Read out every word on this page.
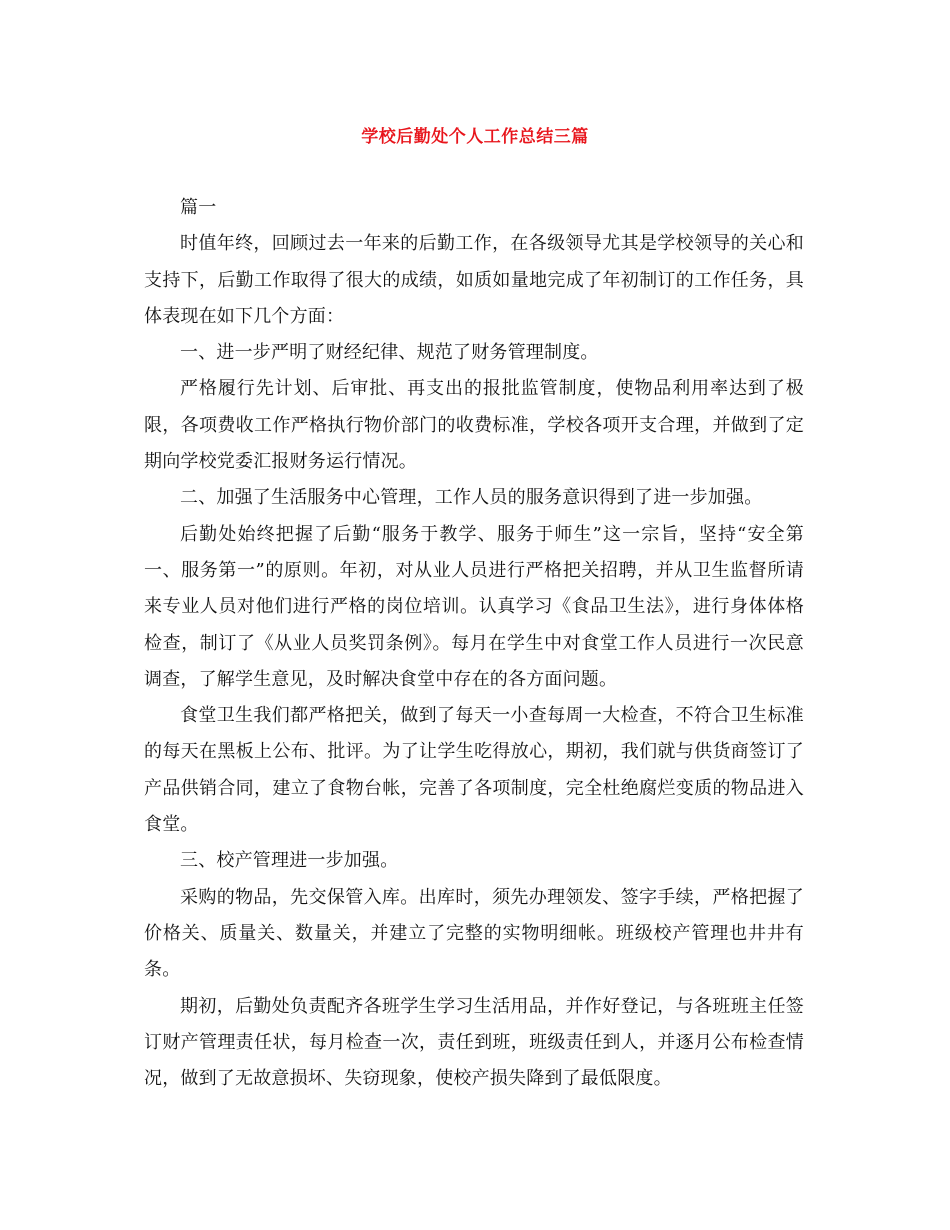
学校后勤处个人工作总结三篇

篇一

时值年终，回顾过去一年来的后勤工作，在各级领导尤其是学校领导的关心和支持下，后勤工作取得了很大的成绩，如质如量地完成了年初制订的工作任务，具体表现在如下几个方面：

一、进一步严明了财经纪律、规范了财务管理制度。

严格履行先计划、后审批、再支出的报批监管制度，使物品利用率达到了极限，各项费收工作严格执行物价部门的收费标准，学校各项开支合理，并做到了定期向学校党委汇报财务运行情况。

二、加强了生活服务中心管理，工作人员的服务意识得到了进一步加强。

后勤处始终把握了后勤“服务于教学、服务于师生”这一宗旨，坚持“安全第一、服务第一”的原则。年初，对从业人员进行严格把关招聘，并从卫生监督所请来专业人员对他们进行严格的岗位培训。认真学习《食品卫生法》，进行身体体格检查，制订了《从业人员奖罚条例》。每月在学生中对食堂工作人员进行一次民意调查，了解学生意见，及时解决食堂中存在的各方面问题。

食堂卫生我们都严格把关，做到了每天一小查每周一大检查，不符合卫生标准的每天在黑板上公布、批评。为了让学生吃得放心，期初，我们就与供货商签订了产品供销合同，建立了食物台帐，完善了各项制度，完全杜绝腐烂变质的物品进入食堂。

三、校产管理进一步加强。

采购的物品，先交保管入库。出库时，须先办理领发、签字手续，严格把握了价格关、质量关、数量关，并建立了完整的实物明细帐。班级校产管理也井井有条。

期初，后勤处负责配齐各班学生学习生活用品，并作好登记，与各班班主任签订财产管理责任状，每月检查一次，责任到班，班级责任到人，并逐月公布检查情况，做到了无故意损坏、失窃现象，使校产损失降到了最低限度。
